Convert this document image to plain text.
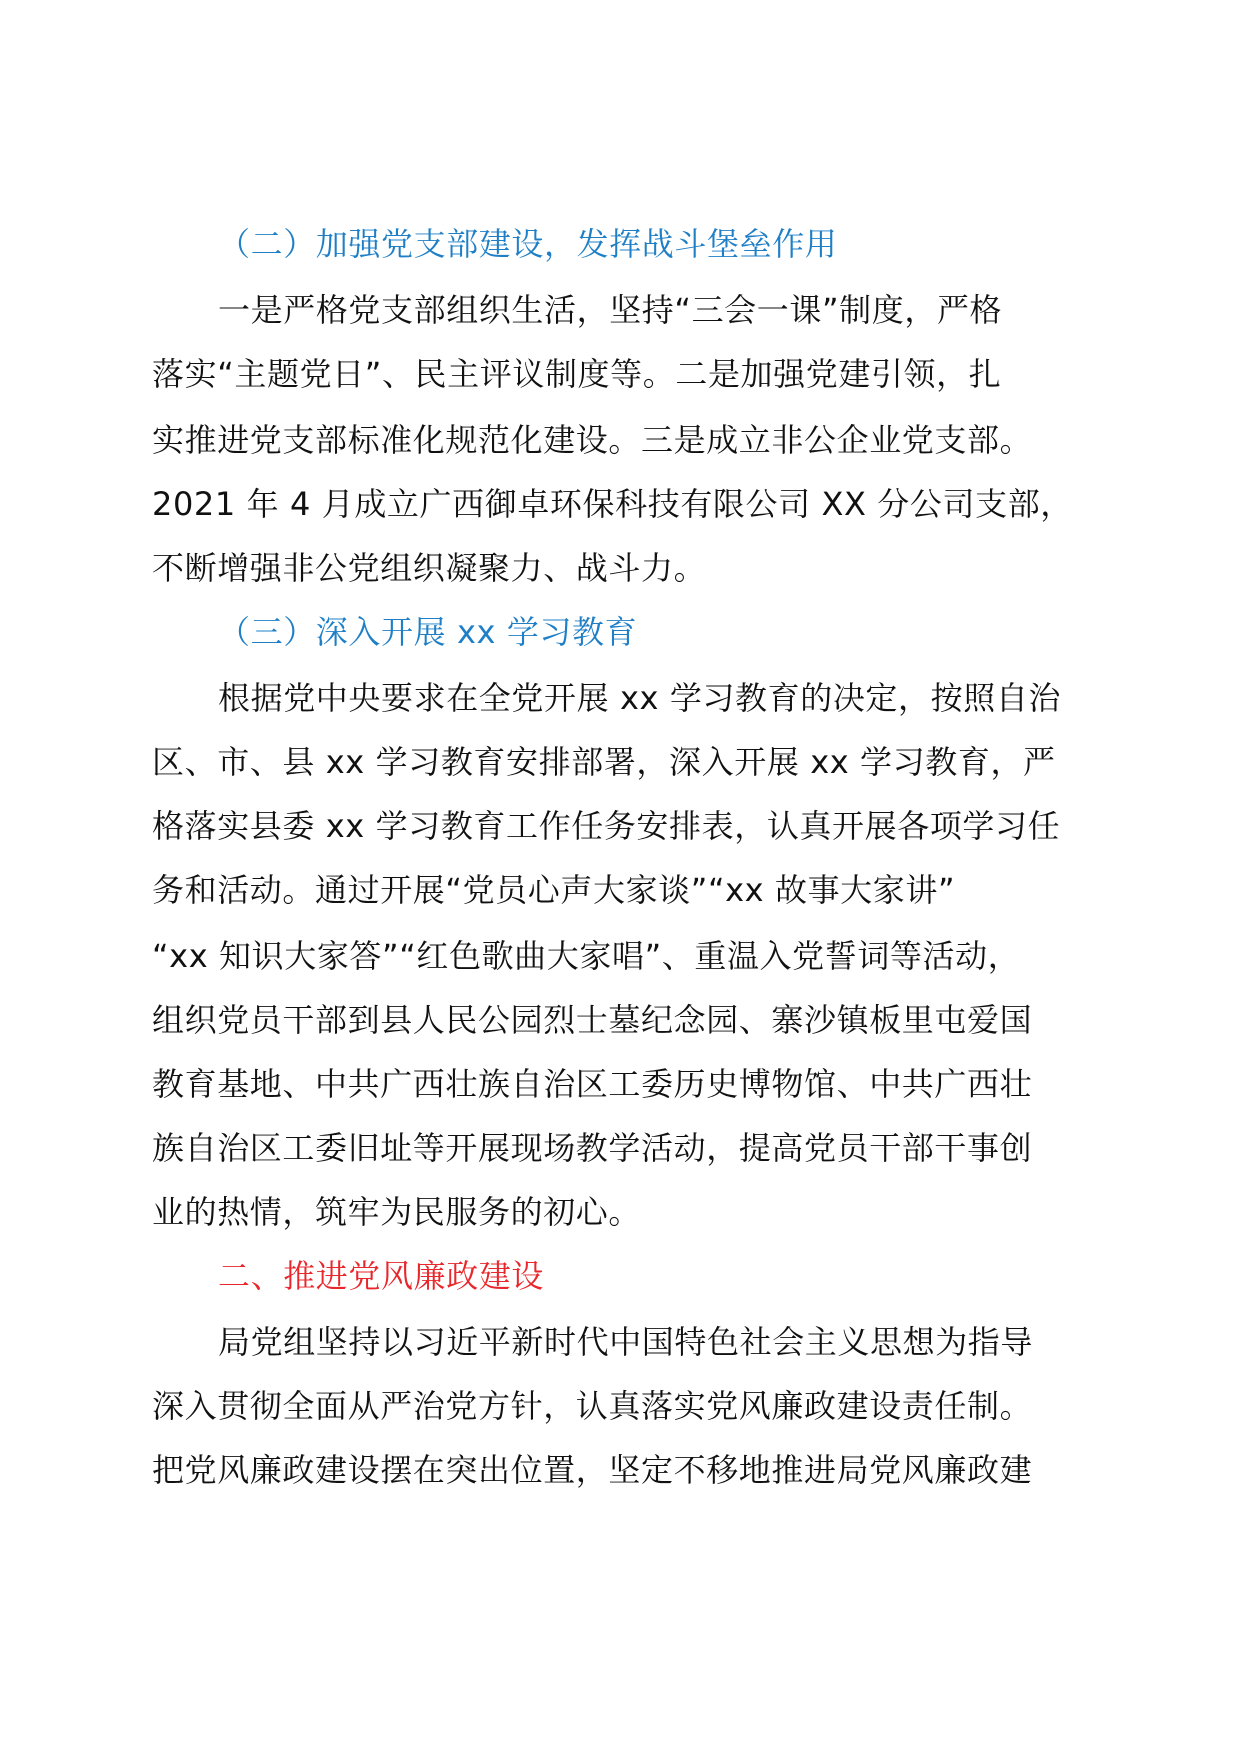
（二）加强党支部建设，发挥战斗堡垒作用
一是严格党支部组织生活，坚持“三会一课”制度，严格
落实“主题党日”、民主评议制度等。二是加强党建引领，扎
实推进党支部标准化规范化建设。三是成立非公企业党支部。
2021 年 4 月成立广西御卓环保科技有限公司 XX 分公司支部，
不断增强非公党组织凝聚力、战斗力。
（三）深入开展 xx 学习教育
根据党中央要求在全党开展 xx 学习教育的决定，按照自治
区、市、县 xx 学习教育安排部署，深入开展 xx 学习教育，严
格落实县委 xx 学习教育工作任务安排表，认真开展各项学习任
务和活动。通过开展“党员心声大家谈”“xx 故事大家讲”
“xx 知识大家答”“红色歌曲大家唱”、重温入党誓词等活动，
组织党员干部到县人民公园烈士墓纪念园、寨沙镇板里屯爱国
教育基地、中共广西壮族自治区工委历史博物馆、中共广西壮
族自治区工委旧址等开展现场教学活动，提高党员干部干事创
业的热情，筑牢为民服务的初心。
二、推进党风廉政建设
局党组坚持以习近平新时代中国特色社会主义思想为指导
深入贯彻全面从严治党方针，认真落实党风廉政建设责任制。
把党风廉政建设摆在突出位置，坚定不移地推进局党风廉政建
